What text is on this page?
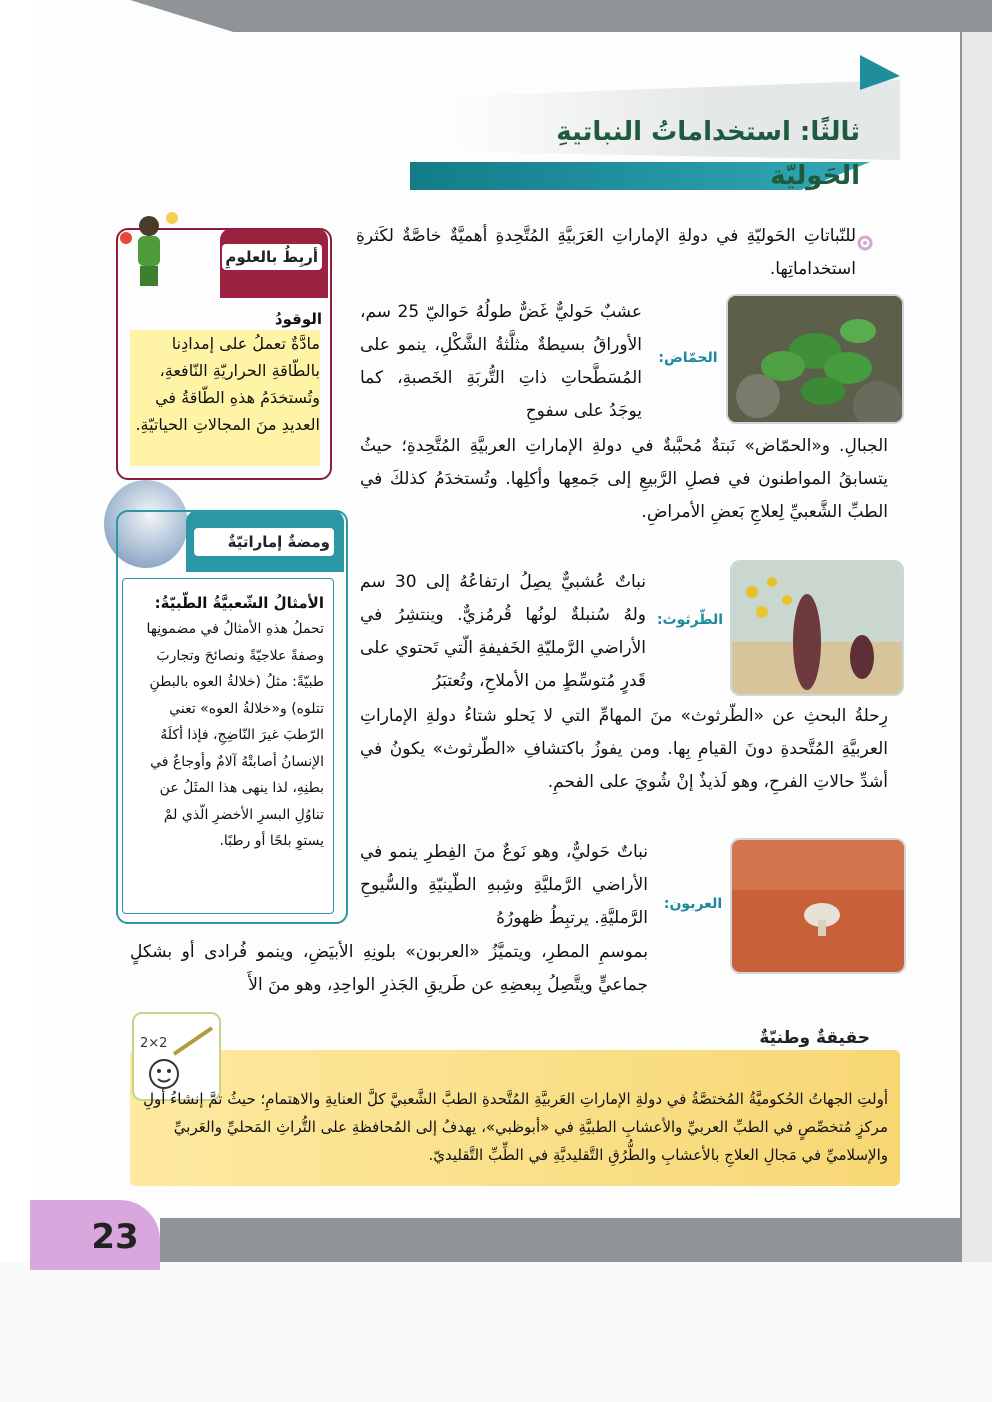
ثالثًا: استخداماتُ النباتيةِ الحَوليّة
للنّباتاتِ الحَوليّةِ في دولةِ الإماراتِ العَرَبيَّةِ المُتَّحِدةِ أهميَّةٌ خاصَّةٌ لكَثرةِ استخداماتِها.
الحمّاض:
عشبٌ حَوليٌّ غَضٌّ طولُهُ حَواليّ 25 سم، الأوراقُ بسيطةٌ مثلَّثةُ الشَّكْلِ، ينمو على المُسَطَّحاتِ ذاتِ التُّربَةِ الخَصبةِ، كما يوجَدُ على سفوحِ
الجبالِ. و«الحمّاض» نَبتةٌ مُحبَّبةٌ في دولةِ الإماراتِ العربيَّةِ المُتَّحِدةِ؛ حيثُ يتسابقُ المواطنون في فصلِ الرَّبيعِ إلى جَمعِها وأكلِها. وتُستخدَمُ كذلكَ في الطبِّ الشَّعبيِّ لِعلاجِ بَعضِ الأمراضِ.
الطّرثوث:
نباتٌ عُشبيٌّ يصِلُ ارتفاعُهُ إلى 30 سم ولهُ سُنبلةٌ لونُها قُرمُزيٌّ. وينتشِرُ في الأراضي الرَّمليّةِ الخَفيفةِ الّتي تَحتوي على قَدرٍ مُتوسِّطٍ من الأملاحِ، وتُعتبَرُ
رِحلةُ البحثِ عن «الطّرثوث» منَ المهامِّ التي لا يَحلو شتاءُ دولةِ الإماراتِ العربيَّةِ المُتَّحدةِ دونَ القيامِ بِها. ومن يفوزُ باكتشافِ «الطّرثوث» يكونُ في أشدِّ حالاتِ الفرحِ، وهو لَذيذٌ إنْ شُويَ على الفحمِ.
العربون:
نباتٌ حَوليٌّ، وهو نَوعٌ منَ الفِطرِ ينمو في الأراضي الرَّمليَّةِ وشِبهِ الطّينيّةِ والسُّيوحِ الرَّمليَّةِ. يرتبِطُ ظهورُهُ
بموسمِ المطرِ، ويتميَّزُ «العربون» بلونِهِ الأبيَضِ، وينمو فُرادى أو بشكلٍ جماعيٍّ ويتَّصِلُ بِبعضِهِ عن طَريقِ الجَذرِ الواحِدِ، وهو منَ الأَ
أربِطُ بالعلومِ
الوقودُ
مادَّةٌ تعملُ على إمدادِنا بالطّاقةِ الحراريّةِ النّافعةِ، وتُستخدَمُ هذهِ الطّاقةُ في العديدِ منَ المجالاتِ الحياتيّةِ.
ومضةٌ إماراتيّةٌ
الأمثالُ الشّعبيَّةُ الطّبيّةُ:
تحملُ هذهِ الأمثالُ في مضمونِها وصفةً علاجيّةً ونصائحَ وتجاربَ طبيّةً: مثلُ (خلالةُ العوه بالبطنِ تتلوه) و«خلالةُ العوه» تعني الرّطبَ غيرَ النّاضِجِ، فإذا أكلَهُ الإنسانُ أصابتْهُ آلامٌ وأوجاعٌ في بطنِهِ، لذا ينهى هذا المثَلُ عن تناوُلِ البسرِ الأخضرِ الّذي لمْ يستوِ بلحًا أو رطبًا.
2×2	حقيقةٌ وطنيّةٌ
أولتِ الجهاتُ الحُكوميَّةُ المُختصَّةُ في دولةِ الإماراتِ العَربيَّةِ المُتَّحدةِ الطبَّ الشَّعبيَّ كلَّ العنايةِ والاهتمامِ؛ حيثُ تمَّ إنشاءُ أولِ مركزٍ مُتخصِّصٍ في الطبِّ العربيِّ والأعشابِ الطبيَّةِ في «أبوظبي»، يهدفُ إلى المُحافظةِ على التُّراثِ المَحليِّ والعَربيِّ والإسلاميِّ في مَجالِ العلاجِ بالأعشابِ والطُّرُقِ التَّقليديَّةِ في الطِّبِّ التَّقليديّ.
23
